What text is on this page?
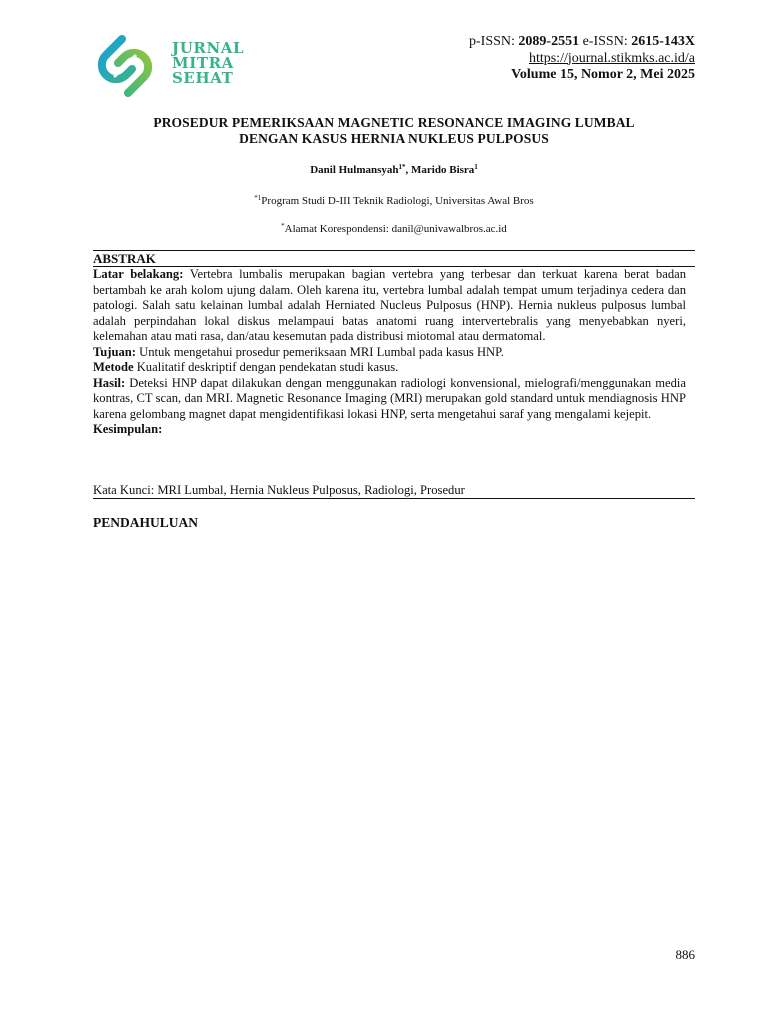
JURNAL
MITRA
SEHAT
p-ISSN: 2089-2551 e-ISSN: 2615-143X
https://journal.stikmks.ac.id/a
Volume 15, Nomor 2, Mei 2025
PROSEDUR PEMERIKSAAN MAGNETIC RESONANCE IMAGING LUMBAL
DENGAN KASUS HERNIA NUKLEUS PULPOSUS
Danil Hulmansyah$^{1*}$, Marido Bisra$^1$
$^{*1}$Program Studi D-III Teknik Radiologi, Universitas Awal Bros
*Alamat Korespondensi: danil@univawalbros.ac.id
ABSTRAK

Latar belakang: Vertebra lumbalis merupakan bagian vertebra yang terbesar dan terkuat karena berat badan bertambah ke arah kolom ujung dalam. Oleh karena itu, vertebra lumbal adalah tempat umum terjadinya cedera dan patologi. Salah satu kelainan lumbal adalah Herniated Nucleus Pulposus (HNP). Hernia nukleus pulposus lumbal adalah perpindahan lokal diskus melampaui batas anatomi ruang intervertebralis yang menyebabkan nyeri, kelemahan atau mati rasa, dan/atau kesemutan pada distribusi miotomal atau dermatomal.

Tujuan: Untuk mengetahui prosedur pemeriksaan MRI Lumbal pada kasus HNP.

Metode Kualitatif deskriptif dengan pendekatan studi kasus.

Hasil: Deteksi HNP dapat dilakukan dengan menggunakan radiologi konvensional, mielografi/menggunakan media kontras, CT scan, dan MRI. Magnetic Resonance Imaging (MRI) merupakan gold standard untuk mendiagnosis HNP karena gelombang magnet dapat mengidentifikasi lokasi HNP, serta mengetahui saraf yang mengalami kejepit.

Kesimpulan:

Kata Kunci: MRI Lumbal, Hernia Nukleus Pulposus, Radiologi, Prosedur
PENDAHULUAN
886
